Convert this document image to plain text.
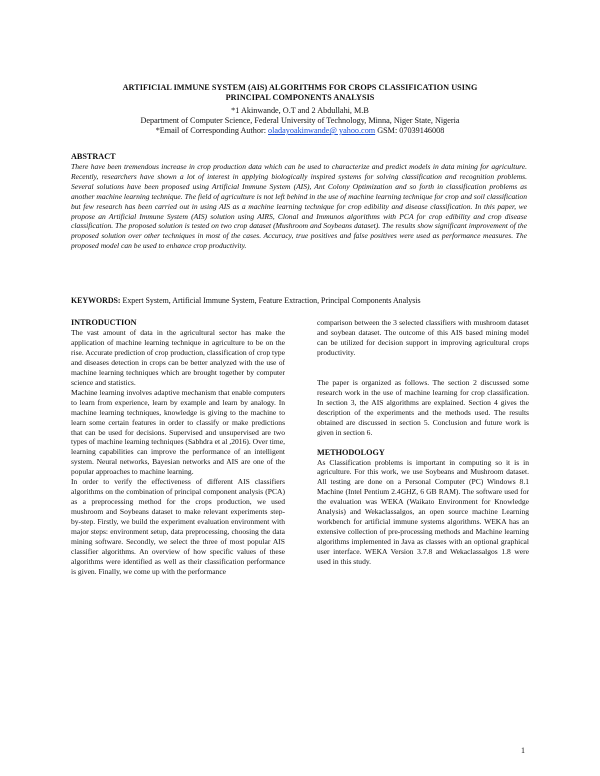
ARTIFICIAL IMMUNE SYSTEM (AIS) ALGORITHMS FOR CROPS CLASSIFICATION USING
PRINCIPAL COMPONENTS ANALYSIS
*1 Akinwande, O.T and 2 Abdullahi, M.B
Department of Computer Science, Federal University of Technology, Minna, Niger State, Nigeria
*Email of Corresponding Author: oladayoakinwande@ yahoo.com GSM: 07039146008
ABSTRACT
There have been tremendous increase in crop production data which can be used to characterize and predict models in data mining for agriculture. Recently, researchers have shown a lot of interest in applying biologically inspired systems for solving classification and recognition problems. Several solutions have been proposed using Artificial Immune System (AIS), Ant Colony Optimization and so forth in classification problems as another machine learning technique. The field of agriculture is not left behind in the use of machine learning technique for crop and soil classification but few research has been carried out in using AIS as a machine learning technique for crop edibility and disease classification. In this paper, we propose an Artificial Immune System (AIS) solution using AIRS, Clonal and Immunos algorithms with PCA for crop edibility and crop disease classification. The proposed solution is tested on two crop dataset (Mushroom and Soybeans dataset). The results show significant improvement of the proposed solution over other techniques in most of the cases. Accuracy, true positives and false positives were used as performance measures. The proposed model can be used to enhance crop productivity.
KEYWORDS: Expert System, Artificial Immune System, Feature Extraction, Principal Components Analysis

INTRODUCTION

The vast amount of data in the agricultural sector has make the application of machine learning technique in agriculture to be on the rise. Accurate prediction of crop production, classification of crop type and diseases detection in crops can be better analyzed with the use of machine learning techniques which are brought together by computer science and statistics.

Machine learning involves adaptive mechanism that enable computers to learn from experience, learn by example and learn by analogy. In machine learning techniques, knowledge is giving to the machine to learn some certain features in order to classify or make predictions that can be used for decisions. Supervised and unsupervised are two types of machine learning techniques (Sabhdra et al ,2016). Over time, learning capabilities can improve the performance of an intelligent system. Neural networks, Bayesian networks and AIS are one of the popular approaches to machine learning.

In order to verify the effectiveness of different AIS classifiers algorithms on the combination of principal component analysis (PCA) as a preprocessing method for the crops production, we used mushroom and Soybeans dataset to make relevant experiments step-by-step. Firstly, we build the experiment evaluation environment with major steps: environment setup, data preprocessing, choosing the data mining software. Secondly, we select the three of most popular AIS classifier algorithms. An overview of how specific values of these algorithms were identified as well as their classification performance is given. Finally, we come up with the performance

comparison between the 3 selected classifiers with mushroom dataset and soybean dataset. The outcome of this AIS based mining model can be utilized for decision support in improving agricultural crops productivity.

The paper is organized as follows. The section 2 discussed some research work in the use of machine learning for crop classification. In section 3, the AIS algorithms are explained. Section 4 gives the description of the experiments and the methods used. The results obtained are discussed in section 5. Conclusion and future work is given in section 6.

METHODOLOGY

As Classification problems is important in computing so it is in agriculture. For this work, we use Soybeans and Mushroom dataset. All testing are done on a Personal Computer (PC) Windows 8.1 Machine (Intel Pentium 2.4GHZ, 6 GB RAM). The software used for the evaluation was WEKA (Waikato Environment for Knowledge Analysis) and Wekaclassalgos, an open source machine Learning workbench for artificial immune systems algorithms. WEKA has an extensive collection of pre-processing methods and Machine learning algorithms implemented in Java as classes with an optional graphical user interface. WEKA Version 3.7.8 and Wekaclassalgos 1.8 were used in this study.

1
